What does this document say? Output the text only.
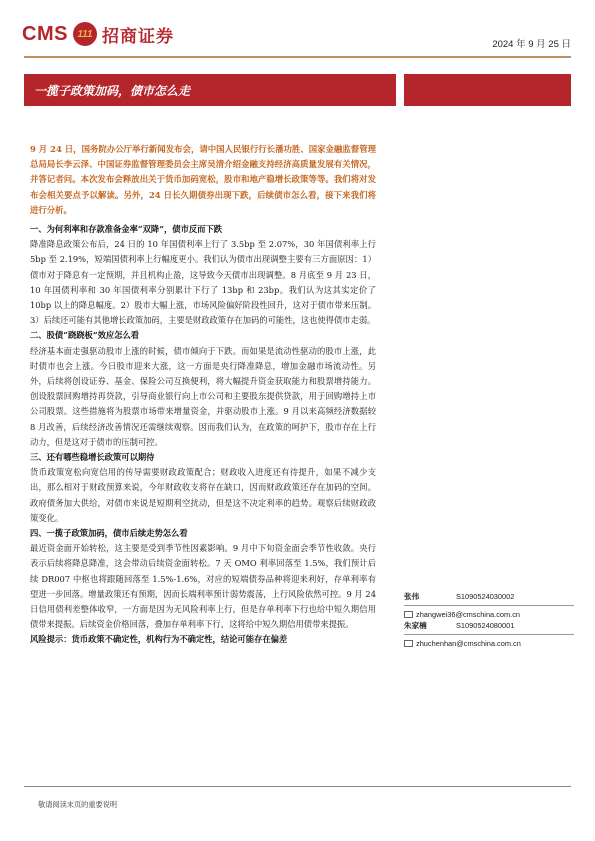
CMS 111 招商证券	2024 年 9 月 25 日
一揽子政策加码，债市怎么走
9 月 24 日，国务院办公厅举行新闻发布会，请中国人民银行行长潘功胜、国家金融监督管理总局局长李云泽、中国证券监督管理委员会主席吴清介绍金融支持经济高质量发展有关情况，并答记者问。本次发布会释放出关于货币加码宽松，股市和地产稳增长政策等等。我们将对发布会相关要点予以解读。另外，24 日长久期债券出现下跌，后续债市怎么看，接下来我们将进行分析。

一、为何利率和存款准备金率“双降”，债市反而下跌

降准降息政策公布后，24 日的 10 年国债利率上行了 3.5bp 至 2.07%，30 年国债利率上行 5bp 至 2.19%，短端国债利率上行幅度更小。我们认为债市出现调整主要有三方面原因：1）债市对于降息有一定预期，并且机构止盈，这导致今天债市出现调整。8 月底至 9 月 23 日，10 年国债利率和 30 年国债利率分别累计下行了 13bp 和 23bp。我们认为这其实定价了 10bp 以上的降息幅度。2）股市大幅上涨，市场风险偏好阶段性回升，这对于债市带来压制。3）后续还可能有其他增长政策加码，主要是财政政策存在加码的可能性，这也使得债市走弱。

二、股债“跷跷板”效应怎么看

经济基本面走强驱动股市上涨的时候，债市倾向于下跌。而如果是流动性驱动的股市上涨，此时债市也会上涨。今日股市迎来大涨，这一方面是央行降准降息，增加金融市场流动性。另外，后续将创设证券、基金、保险公司互换便利，将大幅提升资金获取能力和股票增持能力。创设股票回购增持再贷款，引导商业银行向上市公司和主要股东提供贷款，用于回购增持上市公司股票。这些措施将为股票市场带来增量资金，并驱动股市上涨。9 月以来高频经济数据较 8 月改善，后续经济改善情况还需继续观察。因而我们认为，在政策的呵护下，股市存在上行动力，但是这对于债市的压制可控。

三、还有哪些稳增长政策可以期待

货币政策宽松向宽信用的传导需要财政政策配合；财政收入进度还有待提升，如果不减少支出，那么相对于财政预算来说，今年财政收支将存在缺口，因而财政政策还存在加码的空间。政府债务加大供给，对债市来说是短期利空扰动，但是这不决定利率的趋势。观察后续财政政策变化。

四、一揽子政策加码，债市后续走势怎么看

最近资金面开始转松，这主要是受到季节性因素影响。9 月中下旬资金面会季节性收敛。央行表示后续将降息降准，这会带动后续资金面转松。7 天 OMO 利率回落至 1.5%，我们预计后续 DR007 中枢也将跟随回落至 1.5%-1.6%，对应的短端债券品种将迎来利好，存单利率有望进一步回落。增量政策还有预期，因而长端利率预计弱势震荡，上行风险依然可控。9 月 24 日信用债利差整体收窄，一方面是因为无风险利率上行，但是存单利率下行也给中短久期信用债带来提振。后续资金价格回落，叠加存单利率下行，这将给中短久期信用债带来提振。

风险提示：货币政策不确定性，机构行为不确定性，结论可能存在偏差

张伟	S1090524030002
zhangwei36@cmschina.com.cn
朱家楠	S1090524080001
zhuchenhan@cmschina.com.cn
敬请阅读末页的重要说明
